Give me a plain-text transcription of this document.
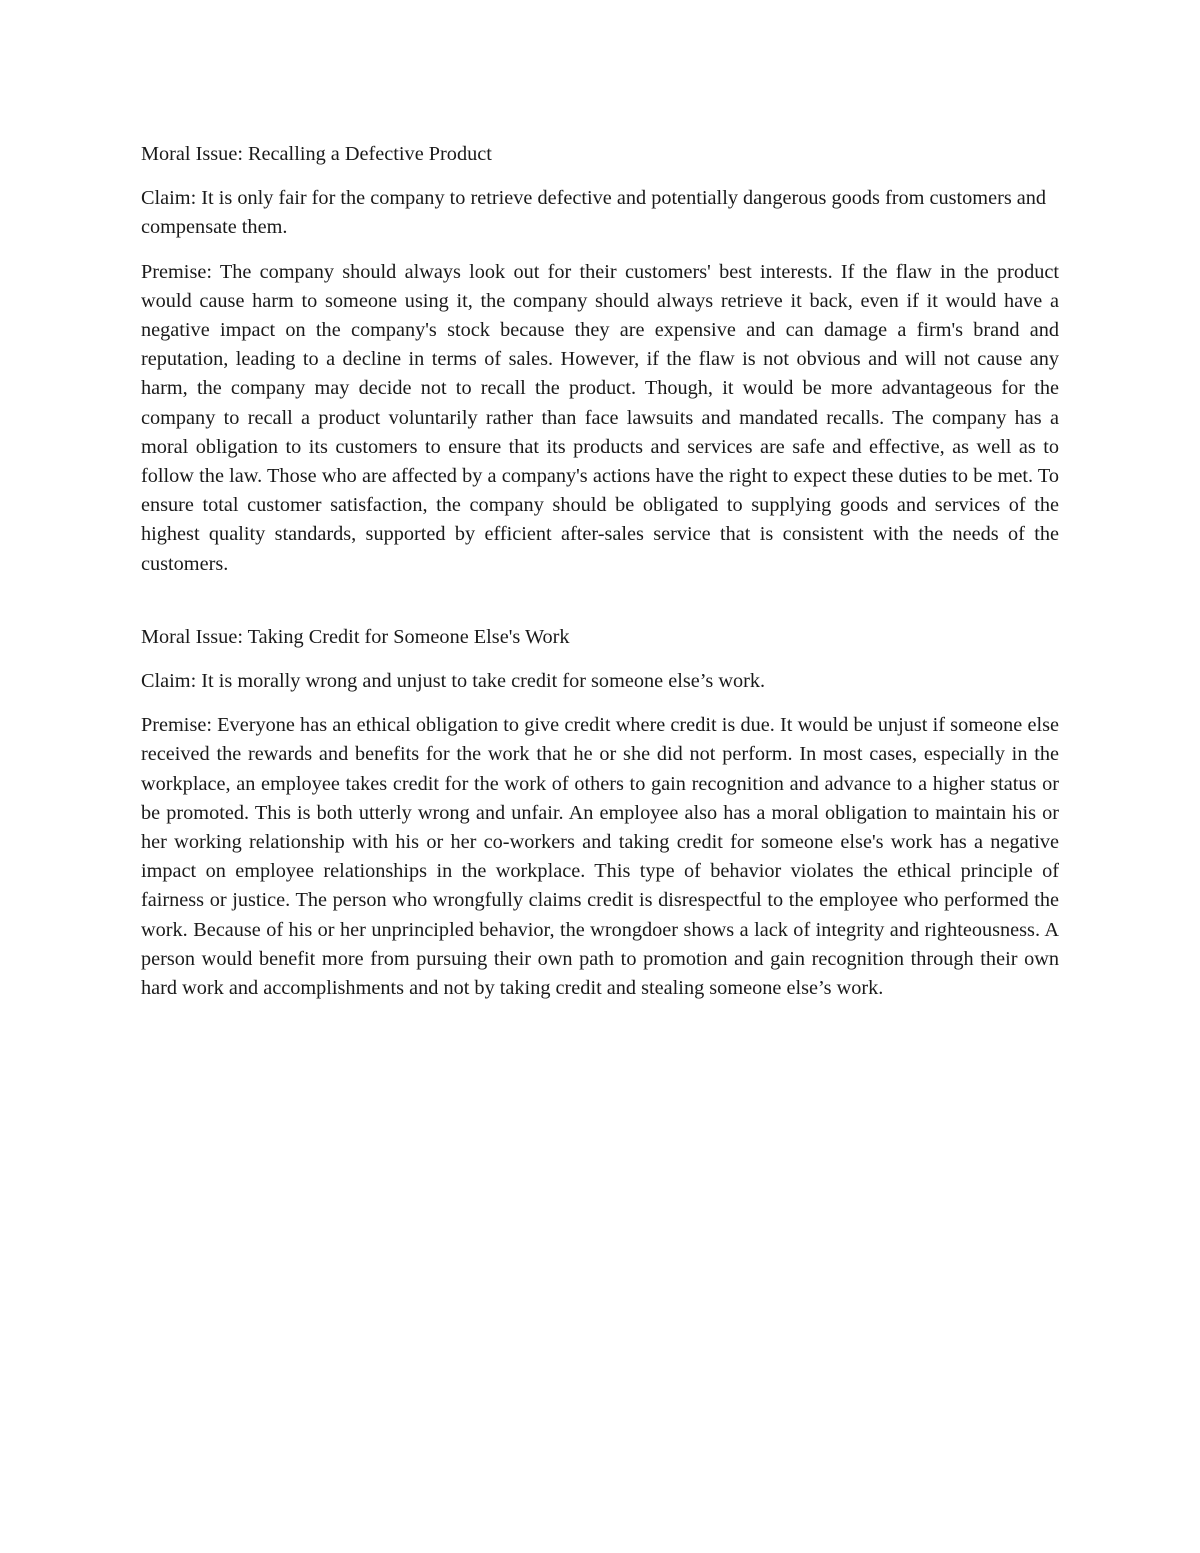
Moral Issue: Recalling a Defective Product

Claim: It is only fair for the company to retrieve defective and potentially dangerous goods from customers and compensate them.

Premise: The company should always look out for their customers' best interests. If the flaw in the product would cause harm to someone using it, the company should always retrieve it back, even if it would have a negative impact on the company's stock because they are expensive and can damage a firm's brand and reputation, leading to a decline in terms of sales. However, if the flaw is not obvious and will not cause any harm, the company may decide not to recall the product. Though, it would be more advantageous for the company to recall a product voluntarily rather than face lawsuits and mandated recalls. The company has a moral obligation to its customers to ensure that its products and services are safe and effective, as well as to follow the law. Those who are affected by a company's actions have the right to expect these duties to be met. To ensure total customer satisfaction, the company should be obligated to supplying goods and services of the highest quality standards, supported by efficient after-sales service that is consistent with the needs of the customers.

Moral Issue: Taking Credit for Someone Else's Work

Claim: It is morally wrong and unjust to take credit for someone else’s work.

Premise: Everyone has an ethical obligation to give credit where credit is due. It would be unjust if someone else received the rewards and benefits for the work that he or she did not perform. In most cases, especially in the workplace, an employee takes credit for the work of others to gain recognition and advance to a higher status or be promoted. This is both utterly wrong and unfair. An employee also has a moral obligation to maintain his or her working relationship with his or her co-workers and taking credit for someone else's work has a negative impact on employee relationships in the workplace. This type of behavior violates the ethical principle of fairness or justice. The person who wrongfully claims credit is disrespectful to the employee who performed the work. Because of his or her unprincipled behavior, the wrongdoer shows a lack of integrity and righteousness. A person would benefit more from pursuing their own path to promotion and gain recognition through their own hard work and accomplishments and not by taking credit and stealing someone else’s work.
